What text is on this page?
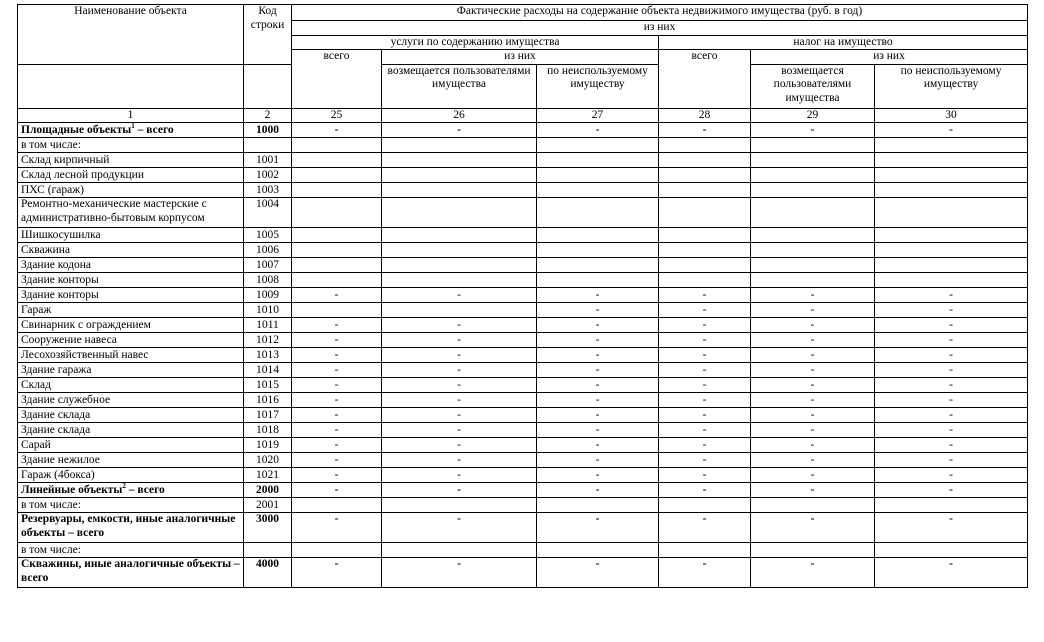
Наименование объекта	Код строки	Фактические расходы на содержание объекта недвижимого имущества (руб. в год)					
		из них					
		услуги по содержанию имущества			налог на имущество		
		всего	из них		всего	из них	
			возмещается пользователями имущества	по неиспользуемому имуществу		возмещается пользователями имущества	по неиспользуемому имуществу
1	2	25	26	27	28	29	30
Площадные объекты$^1$ – всего	1000	-	-	-	-	-	-
в том числе:							
Склад кирпичный	1001						
Склад лесной продукции	1002						
ПХС (гараж)	1003						
Ремонтно-механические мастерские с административно-бытовым корпусом	1004						
Шишкосушилка	1005						
Скважина	1006						
Здание кодона	1007						
Здание конторы	1008						
Здание конторы	1009	-	-	-	-	-	-
Гараж	1010			-	-	-	-
Свинарник с ограждением	1011	-	-	-	-	-	-
Сооружение навеса	1012	-	-	-	-	-	-
Лесохозяйственный навес	1013	-	-	-	-	-	-
Здание гаража	1014	-	-	-	-	-	-
Склад	1015	-	-	-	-	-	-
Здание служебное	1016	-	-	-	-	-	-
Здание склада	1017	-	-	-	-	-	-
Здание склада	1018	-	-	-	-	-	-
Сарай	1019	-	-	-	-	-	-
Здание нежилое	1020	-	-	-	-	-	-
Гараж (4боксa)	1021	-	-	-	-	-	-
Линейные объекты$^2$ – всего	2000	-	-	-	-	-	-
в том числе:	2001						
Резервуары, емкости, иные аналогичные объекты – всего	3000	-	-	-	-	-	-
в том числе:							
Скважины, иные аналогичные объекты – всего	4000	-	-	-	-	-	-
